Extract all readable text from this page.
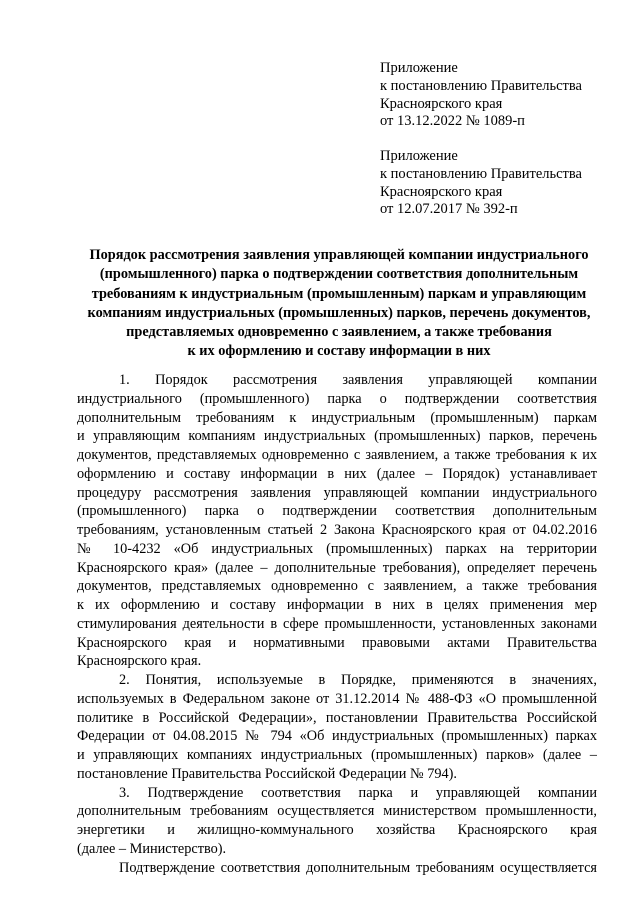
Приложение
к постановлению Правительства
Красноярского края
от 13.12.2022 № 1089-п
Приложение
к постановлению Правительства
Красноярского края
от 12.07.2017 № 392-п
Порядок рассмотрения заявления управляющей компании индустриального
(промышленного) парка о подтверждении соответствия дополнительным
требованиям к индустриальным (промышленным) паркам и управляющим
компаниям индустриальных (промышленных) парков, перечень документов,
представляемых одновременно с заявлением, а также требования
к их оформлению и составу информации в них
1. Порядок рассмотрения заявления управляющей компании
индустриального (промышленного) парка о подтверждении соответствия
дополнительным требованиям к индустриальным (промышленным) паркам
и управляющим компаниям индустриальных (промышленных) парков, перечень
документов, представляемых одновременно с заявлением, а также требования к их
оформлению и составу информации в них (далее – Порядок) устанавливает
процедуру рассмотрения заявления управляющей компании индустриального
(промышленного) парка о подтверждении соответствия дополнительным
требованиям, установленным статьей 2 Закона Красноярского края от 04.02.2016
№ 10-4232 «Об индустриальных (промышленных) парках на территории
Красноярского края» (далее – дополнительные требования), определяет перечень
документов, представляемых одновременно с заявлением, а также требования
к их оформлению и составу информации в них в целях применения мер
стимулирования деятельности в сфере промышленности, установленных законами
Красноярского края и нормативными правовыми актами Правительства
Красноярского края.
2. Понятия, используемые в Порядке, применяются в значениях,
используемых в Федеральном законе от 31.12.2014 № 488-ФЗ «О промышленной
политике в Российской Федерации», постановлении Правительства Российской
Федерации от 04.08.2015 № 794 «Об индустриальных (промышленных) парках
и управляющих компаниях индустриальных (промышленных) парков» (далее –
постановление Правительства Российской Федерации № 794).
3. Подтверждение соответствия парка и управляющей компании
дополнительным требованиям осуществляется министерством промышленности,
энергетики и жилищно-коммунального хозяйства Красноярского края
(далее – Министерство).
Подтверждение соответствия дополнительным требованиям осуществляется
